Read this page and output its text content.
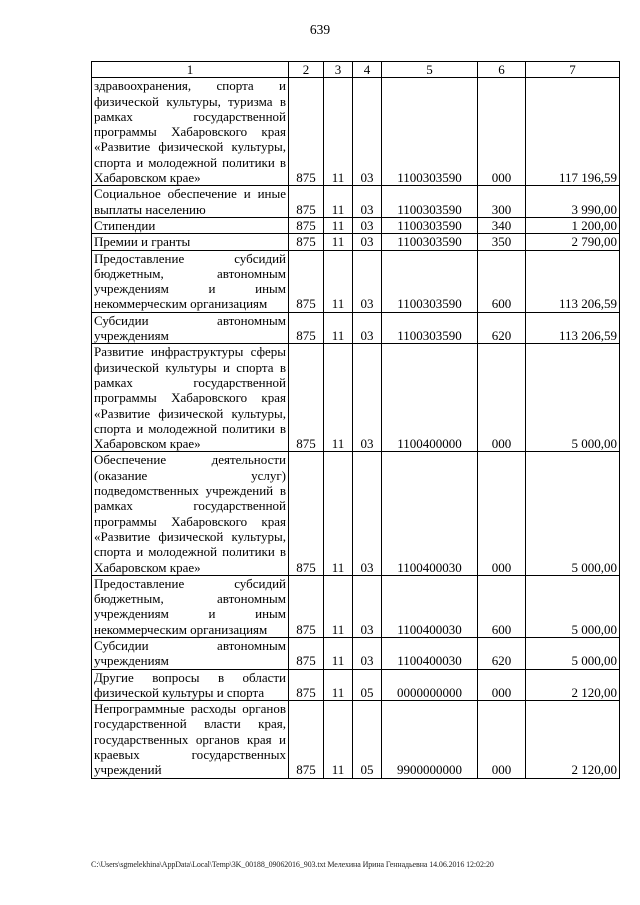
639
1	2	3	4	5	6	7
здравоохранения, спорта и физической культуры, туризма в рамках государственной программы Хабаровского края «Развитие физической культуры, спорта и молодежной политики в Хабаровском крае»	875	11	03	1100303590	000	117 196,59
Социальное обеспечение и иные выплаты населению	875	11	03	1100303590	300	3 990,00
Стипендии	875	11	03	1100303590	340	1 200,00
Премии и гранты	875	11	03	1100303590	350	2 790,00
Предоставление субсидий бюджетным, автономным учреждениям и иным некоммерческим организациям	875	11	03	1100303590	600	113 206,59
Субсидии автономным учреждениям	875	11	03	1100303590	620	113 206,59
Развитие инфраструктуры сферы физической культуры и спорта в рамках государственной программы Хабаровского края «Развитие физической культуры, спорта и молодежной политики в Хабаровском крае»	875	11	03	1100400000	000	5 000,00
Обеспечение деятельности (оказание услуг) подведомственных учреждений в рамках государственной программы Хабаровского края «Развитие физической культуры, спорта и молодежной политики в Хабаровском крае»	875	11	03	1100400030	000	5 000,00
Предоставление субсидий бюджетным, автономным учреждениям и иным некоммерческим организациям	875	11	03	1100400030	600	5 000,00
Субсидии автономным учреждениям	875	11	03	1100400030	620	5 000,00
Другие вопросы в области физической культуры и спорта	875	11	05	0000000000	000	2 120,00
Непрограммные расходы органов государственной власти края, государственных органов края и краевых государственных учреждений	875	11	05	9900000000	000	2 120,00
C:\Users\sgmelekhina\AppData\Local\Temp\3K_00188_09062016_903.txt Мелехина Ирина Геннадьевна 14.06.2016 12:02:20
